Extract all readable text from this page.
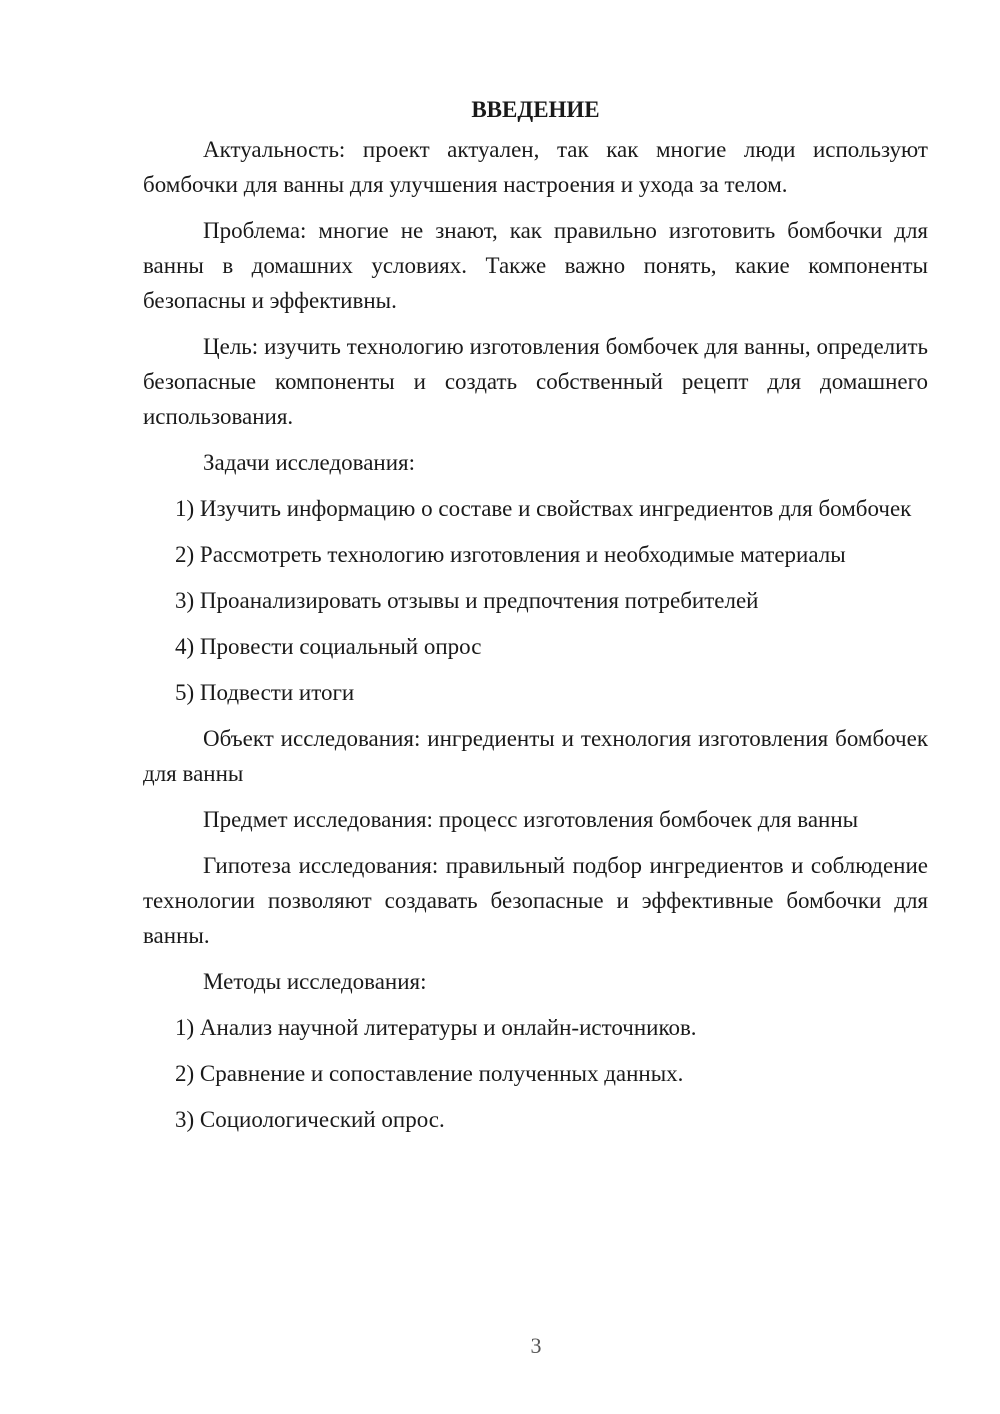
ВВЕДЕНИЕ

Актуальность: проект актуален, так как многие люди используют бомбочки для ванны для улучшения настроения и ухода за телом.

Проблема: многие не знают, как правильно изготовить бомбочки для ванны в домашних условиях. Также важно понять, какие компоненты безопасны и эффективны.

Цель: изучить технологию изготовления бомбочек для ванны, определить безопасные компоненты и создать собственный рецепт для домашнего использования.

Задачи исследования:

1) Изучить информацию о составе и свойствах ингредиентов для бомбочек

2) Рассмотреть технологию изготовления и необходимые материалы

3) Проанализировать отзывы и предпочтения потребителей

4) Провести социальный опрос

5) Подвести итоги

Объект исследования: ингредиенты и технология изготовления бомбочек для ванны

Предмет исследования: процесс изготовления бомбочек для ванны

Гипотеза исследования: правильный подбор ингредиентов и соблюдение технологии позволяют создавать безопасные и эффективные бомбочки для ванны.

Методы исследования:

1) Анализ научной литературы и онлайн-источников.

2) Сравнение и сопоставление полученных данных.

3) Социологический опрос.

3
